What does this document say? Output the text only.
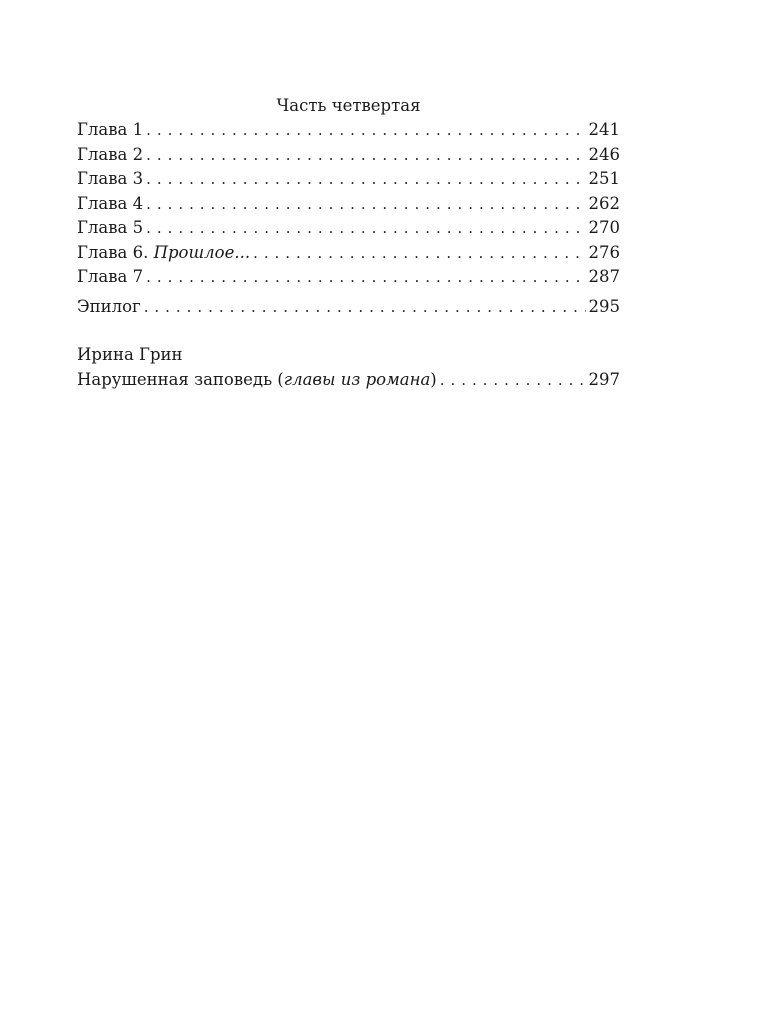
Часть четвертая

Глава 1 . . .	241
Глава 2 . . .	246
Глава 3 . . .	251
Глава 4 . . .	262
Глава 5 . . .	270
Глава 6. Прошлое... . . .	276
Глава 7 . . .	287
Эпилог . . .	295

Ирина Грин

Нарушенная заповедь (главы из романа) . . .	297
